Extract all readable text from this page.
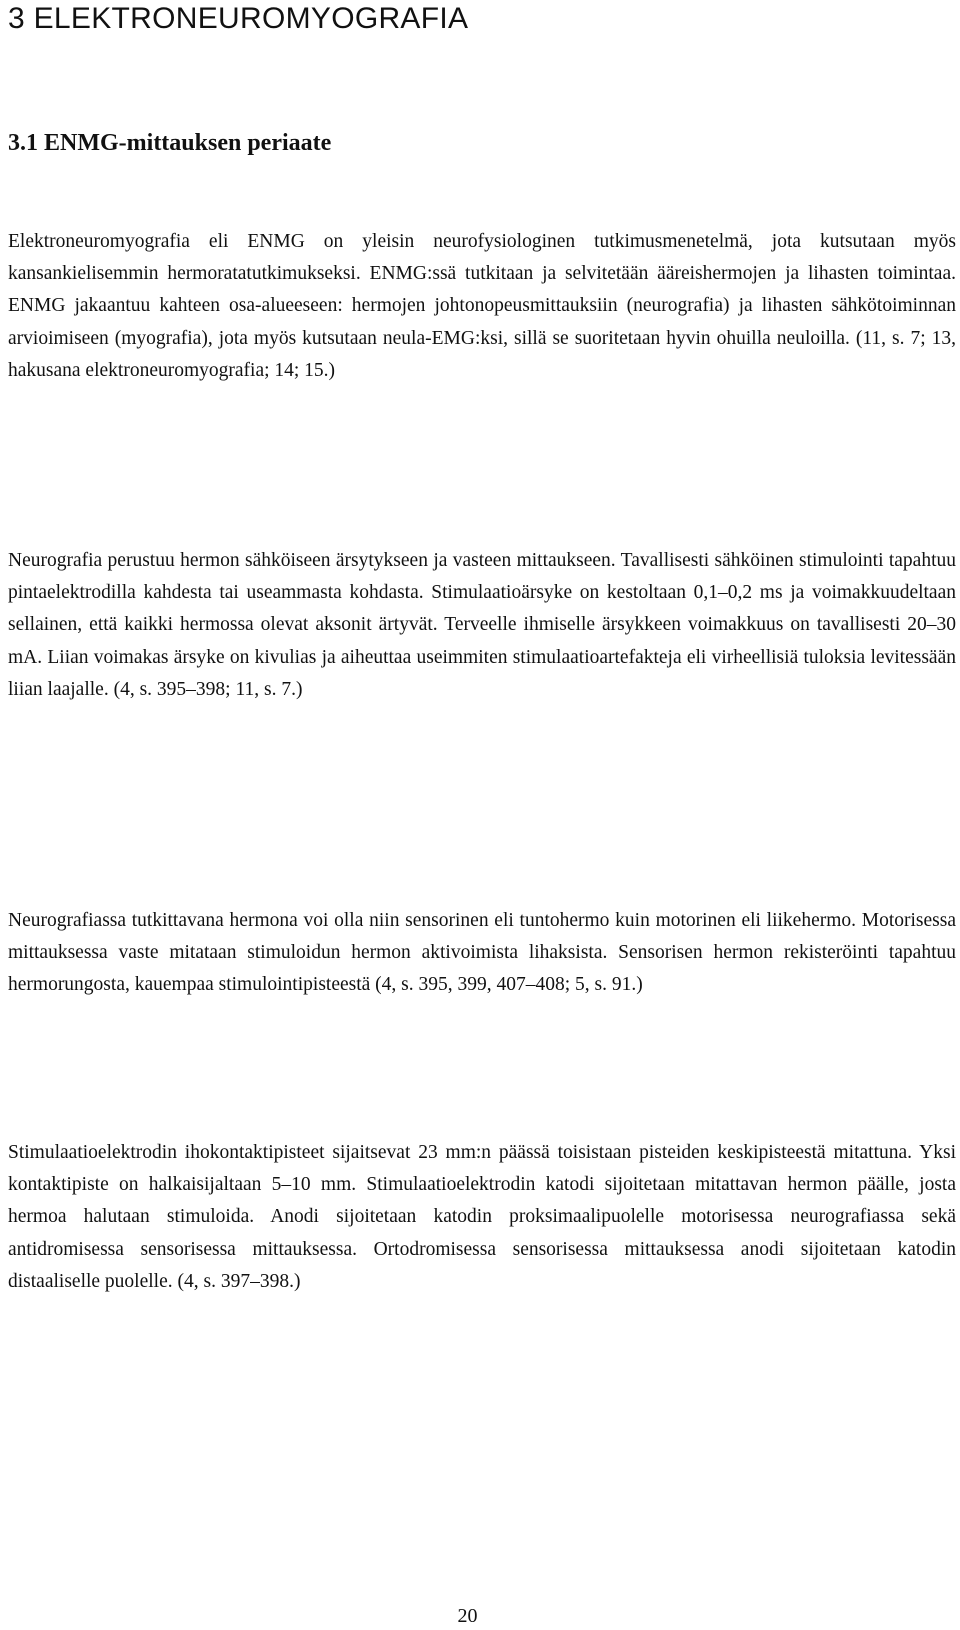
3 ELEKTRONEUROMYOGRAFIA
3.1 ENMG-mittauksen periaate

Elektroneuromyografia eli ENMG on yleisin neurofysiologinen tutkimusmenetelmä, jota kutsutaan myös kansankielisemmin hermoratatutkimukseksi. ENMG:ssä tutkitaan ja selvitetään ääreishermojen ja lihasten toimintaa. ENMG jakaantuu kahteen osa-alueeseen: hermojen johtonopeusmittauksiin (neurografia) ja lihasten sähkötoiminnan arvioimiseen (myografia), jota myös kutsutaan neula-EMG:ksi, sillä se suoritetaan hyvin ohuilla neuloilla. (11, s. 7; 13, hakusana elektroneuromyografia; 14; 15.)

Neurografia perustuu hermon sähköiseen ärsytykseen ja vasteen mittaukseen. Tavallisesti sähköinen stimulointi tapahtuu pintaelektrodilla kahdesta tai useammasta kohdasta. Stimulaatioärsyke on kestoltaan 0,1–0,2 ms ja voimakkuudeltaan sellainen, että kaikki hermossa olevat aksonit ärtyvät. Terveelle ihmiselle ärsykkeen voimakkuus on tavallisesti 20–30 mA. Liian voimakas ärsyke on kivulias ja aiheuttaa useimmiten stimulaatioartefakteja eli virheellisiä tuloksia levitessään liian laajalle. (4, s. 395–398; 11, s. 7.)

Neurografiassa tutkittavana hermona voi olla niin sensorinen eli tuntohermo kuin motorinen eli liikehermo. Motorisessa mittauksessa vaste mitataan stimuloidun hermon aktivoimista lihaksista. Sensorisen hermon rekisteröinti tapahtuu hermorungosta, kauempaa stimulointipisteestä (4, s. 395, 399, 407–408; 5, s. 91.)

Stimulaatioelektrodin ihokontaktipisteet sijaitsevat 23 mm:n päässä toisistaan pisteiden keskipisteestä mitattuna. Yksi kontaktipiste on halkaisijaltaan 5–10 mm. Stimulaatioelektrodin katodi sijoitetaan mitattavan hermon päälle, josta hermoa halutaan stimuloida. Anodi sijoitetaan katodin proksimaalipuolelle motorisessa neurografiassa sekä antidromisessa sensorisessa mittauksessa. Ortodromisessa sensorisessa mittauksessa anodi sijoitetaan katodin distaaliselle puolelle. (4, s. 397–398.)

20
